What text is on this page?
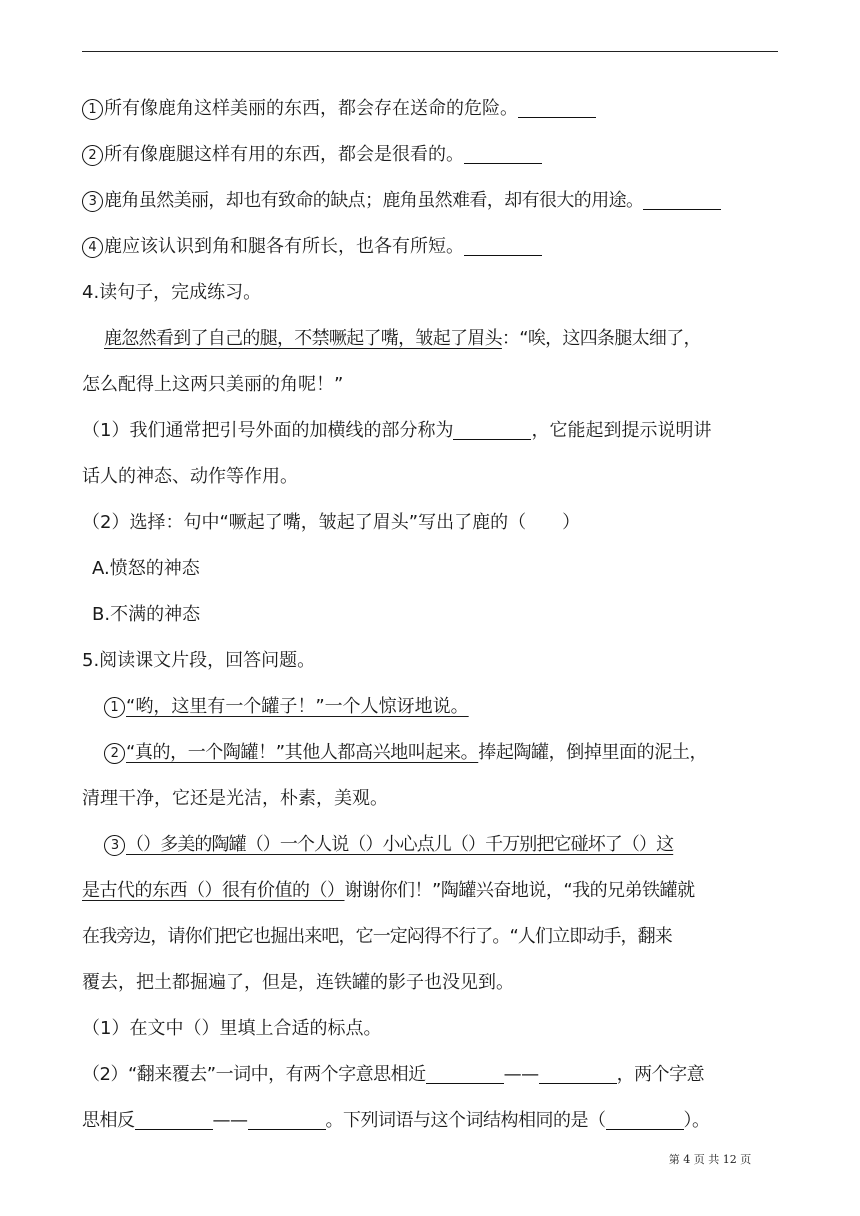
1 所有像鹿角这样美丽的东西，都会存在送命的危险。
2 所有像鹿腿这样有用的东西，都会是很看的。
3 鹿角虽然美丽，却也有致命的缺点；鹿角虽然难看，却有很大的用途。
4 鹿应该认识到角和腿各有所长，也各有所短。
4.读句子，完成练习。
鹿忽然看到了自己的腿，不禁噘起了嘴，皱起了眉头：“唉，这四条腿太细了，
怎么配得上这两只美丽的角呢！”
（1）我们通常把引号外面的加横线的部分称为	，它能起到提示说明讲
话人的神态、动作等作用。
（2）选择：句中“噘起了嘴，皱起了眉头”写出了鹿的（　　）
A.愤怒的神态
B.不满的神态
5.阅读课文片段，回答问题。
1 “哟，这里有一个罐子！”一个人惊讶地说。
2 “真的，一个陶罐！”其他人都高兴地叫起来。捧起陶罐，倒掉里面的泥土，
清理干净，它还是光洁，朴素，美观。
3 （）多美的陶罐（）一个人说（）小心点儿（）千万别把它碰坏了（）这
是古代的东西（）很有价值的（）谢谢你们！”陶罐兴奋地说，“我的兄弟铁罐就
在我旁边，请你们把它也掘出来吧，它一定闷得不行了。“人们立即动手，翻来
覆去，把土都掘遍了，但是，连铁罐的影子也没见到。
（1）在文中（）里填上合适的标点。
（2）“翻来覆去”一词中，有两个字意思相近	——	，两个字意
思相反	——	。下列词语与这个词结构相同的是（	）。
第 4 页 共 12 页
